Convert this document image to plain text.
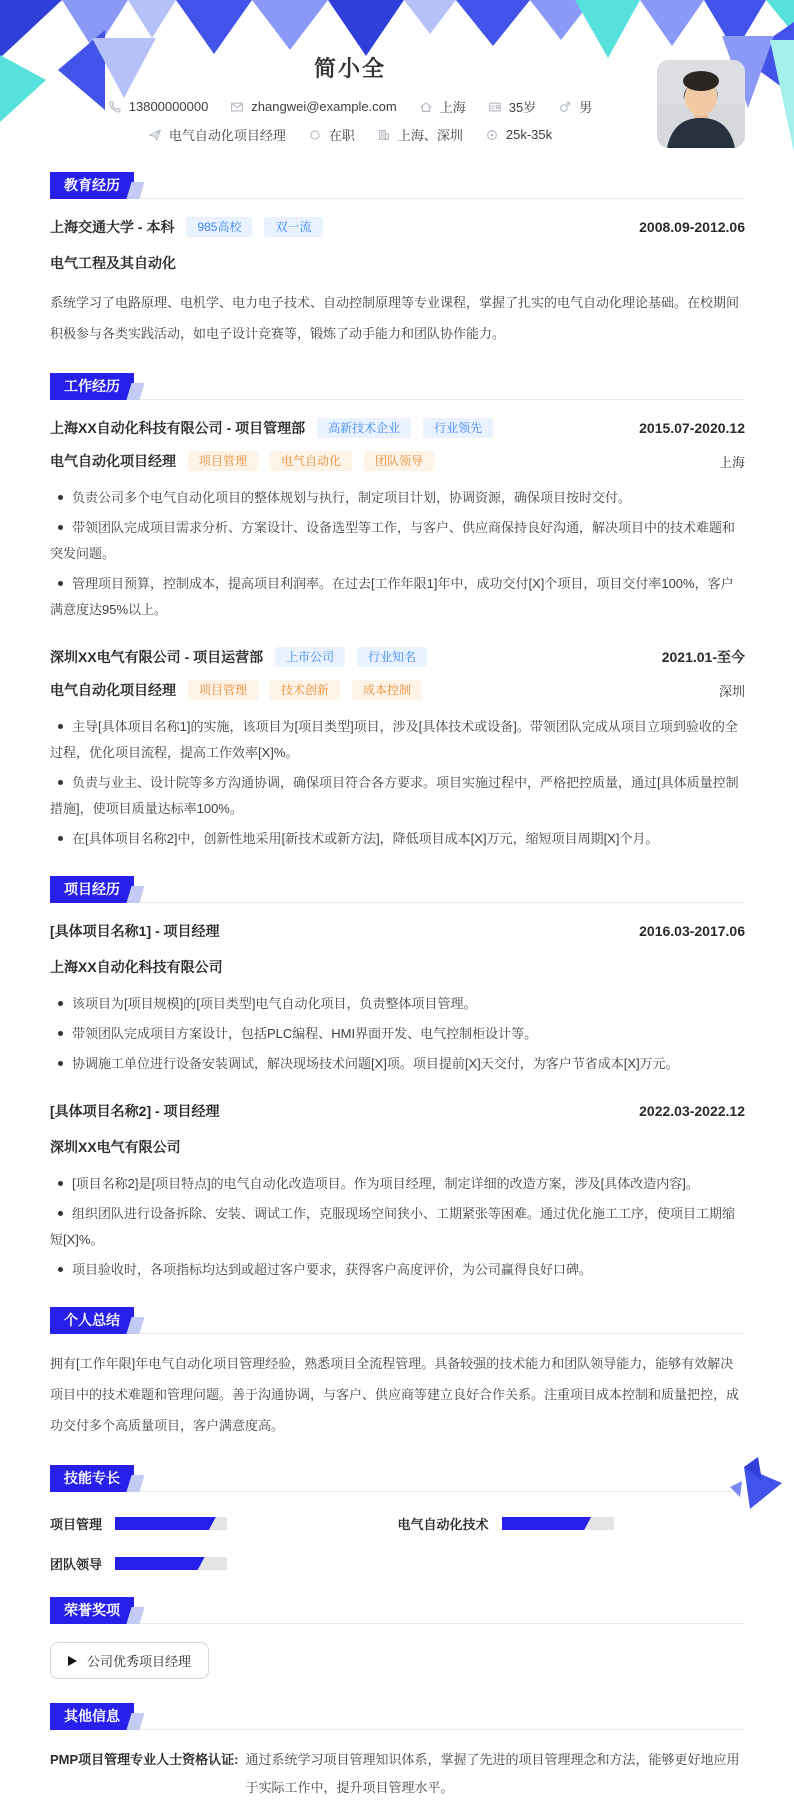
简小全
13800000000	zhangwei@example.com	上海	35岁	男
电气自动化项目经理	在职	上海、深圳	25k-35k
教育经历
上海交通大学 - 本科	985高校	双一流	2008.09-2012.06
电气工程及其自动化
系统学习了电路原理、电机学、电力电子技术、自动控制原理等专业课程，掌握了扎实的电气自动化理论基础。在校期间积极参与各类实践活动，如电子设计竞赛等，锻炼了动手能力和团队协作能力。
工作经历
上海XX自动化科技有限公司 - 项目管理部	高新技术企业	行业领先	2015.07-2020.12
电气自动化项目经理	项目管理	电气自动化	团队领导	上海
负责公司多个电气自动化项目的整体规划与执行，制定项目计划，协调资源，确保项目按时交付。
带领团队完成项目需求分析、方案设计、设备选型等工作，与客户、供应商保持良好沟通，解决项目中的技术难题和突发问题。
管理项目预算，控制成本，提高项目利润率。在过去[工作年限1]年中，成功交付[X]个项目，项目交付率100%，客户满意度达95%以上。
深圳XX电气有限公司 - 项目运营部	上市公司	行业知名	2021.01-至今
电气自动化项目经理	项目管理	技术创新	成本控制	深圳
主导[具体项目名称1]的实施，该项目为[项目类型]项目，涉及[具体技术或设备]。带领团队完成从项目立项到验收的全过程，优化项目流程，提高工作效率[X]%。
负责与业主、设计院等多方沟通协调，确保项目符合各方要求。项目实施过程中，严格把控质量，通过[具体质量控制措施]，使项目质量达标率100%。
在[具体项目名称2]中，创新性地采用[新技术或新方法]，降低项目成本[X]万元，缩短项目周期[X]个月。
项目经历
[具体项目名称1] - 项目经理	2016.03-2017.06
上海XX自动化科技有限公司
该项目为[项目规模]的[项目类型]电气自动化项目，负责整体项目管理。
带领团队完成项目方案设计，包括PLC编程、HMI界面开发、电气控制柜设计等。
协调施工单位进行设备安装调试，解决现场技术问题[X]项。项目提前[X]天交付，为客户节省成本[X]万元。
[具体项目名称2] - 项目经理	2022.03-2022.12
深圳XX电气有限公司
[项目名称2]是[项目特点]的电气自动化改造项目。作为项目经理，制定详细的改造方案，涉及[具体改造内容]。
组织团队进行设备拆除、安装、调试工作，克服现场空间狭小、工期紧张等困难。通过优化施工工序，使项目工期缩短[X]%。
项目验收时，各项指标均达到或超过客户要求，获得客户高度评价，为公司赢得良好口碑。
个人总结
拥有[工作年限]年电气自动化项目管理经验，熟悉项目全流程管理。具备较强的技术能力和团队领导能力，能够有效解决项目中的技术难题和管理问题。善于沟通协调，与客户、供应商等建立良好合作关系。注重项目成本控制和质量把控，成功交付多个高质量项目，客户满意度高。
技能专长
项目管理	电气自动化技术
团队领导
荣誉奖项
公司优秀项目经理
其他信息
PMP项目管理专业人士资格认证: 通过系统学习项目管理知识体系，掌握了先进的项目管理理念和方法，能够更好地应用于实际工作中，提升项目管理水平。
